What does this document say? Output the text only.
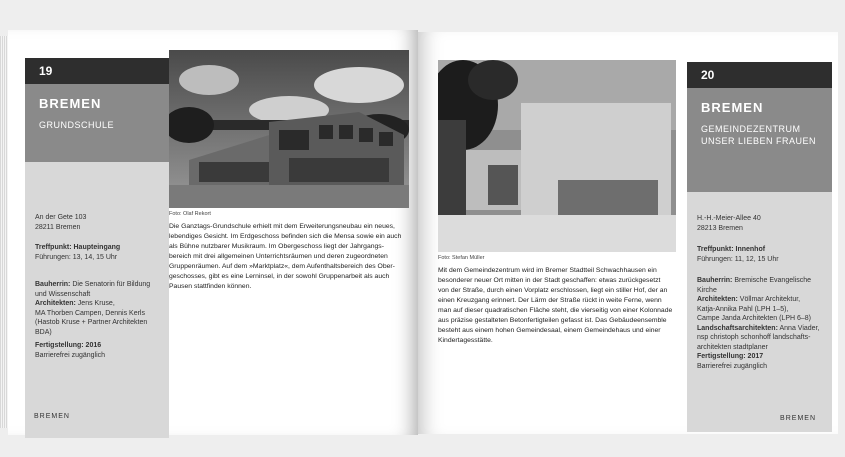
19
BREMEN
GRUNDSCHULE
An der Gete 103
28211 Bremen
Treffpunkt: Haupteingang
Führungen: 13, 14, 15 Uhr
Bauherrin: Die Senatorin für Bildung und Wissenschaft
Architekten: Jens Kruse,
MA Thorben Campen, Dennis Kerls
(Hastob Kruse + Partner Architekten BDA)
Fertigstellung: 2016
Barrierefrei zugänglich
Foto: Olaf Rekort
Die Ganztags-Grundschule erhielt mit dem Erweiterungsneubau ein neues,
lebendiges Gesicht. Im Erdgeschoss befinden sich die Mensa sowie ein auch
als Bühne nutzbarer Musikraum. Im Obergeschoss liegt der Jahrgangs-
bereich mit drei allgemeinen Unterrichtsräumen und deren zugeordneten
Gruppenräumen. Auf dem »Marktplatz«, dem Aufenthaltsbereich des Ober-
geschosses, gibt es eine Lerninsel, in der sowohl Gruppenarbeit als auch
Pausen stattfinden können.
BREMEN
Foto: Stefan Müller
Mit dem Gemeindezentrum wird im Bremer Stadtteil Schwachhausen ein
besonderer neuer Ort mitten in der Stadt geschaffen: etwas zurückgesetzt
von der Straße, durch einen Vorplatz erschlossen, liegt ein stiller Hof, der an
einen Kreuzgang erinnert. Der Lärm der Straße rückt in weite Ferne, wenn
man auf dieser quadratischen Fläche steht, die vierseitig von einer Kolonnade
aus präzise gestalteten Betonfertigteilen gefasst ist. Das Gebäudeensemble
besteht aus einem hohen Gemeindesaal, einem Gemeindehaus und einer
Kindertagesstätte.
20
BREMEN
GEMEINDEZENTRUM
UNSER LIEBEN FRAUEN
H.-H.-Meier-Allee 40
28213 Bremen
Treffpunkt: Innenhof
Führungen: 11, 12, 15 Uhr
Bauherrin: Bremische Evangelische Kirche
Architekten: Völlmar Architektur,
Katja-Annika Pahl (LPH 1–5),
Campe Janda Architekten (LPH 6–8)
Landschaftsarchitekten: Anna Viader,
nsp christoph schonhoff landschafts-
architekten stadtplaner
Fertigstellung: 2017
Barrierefrei zugänglich
BREMEN
